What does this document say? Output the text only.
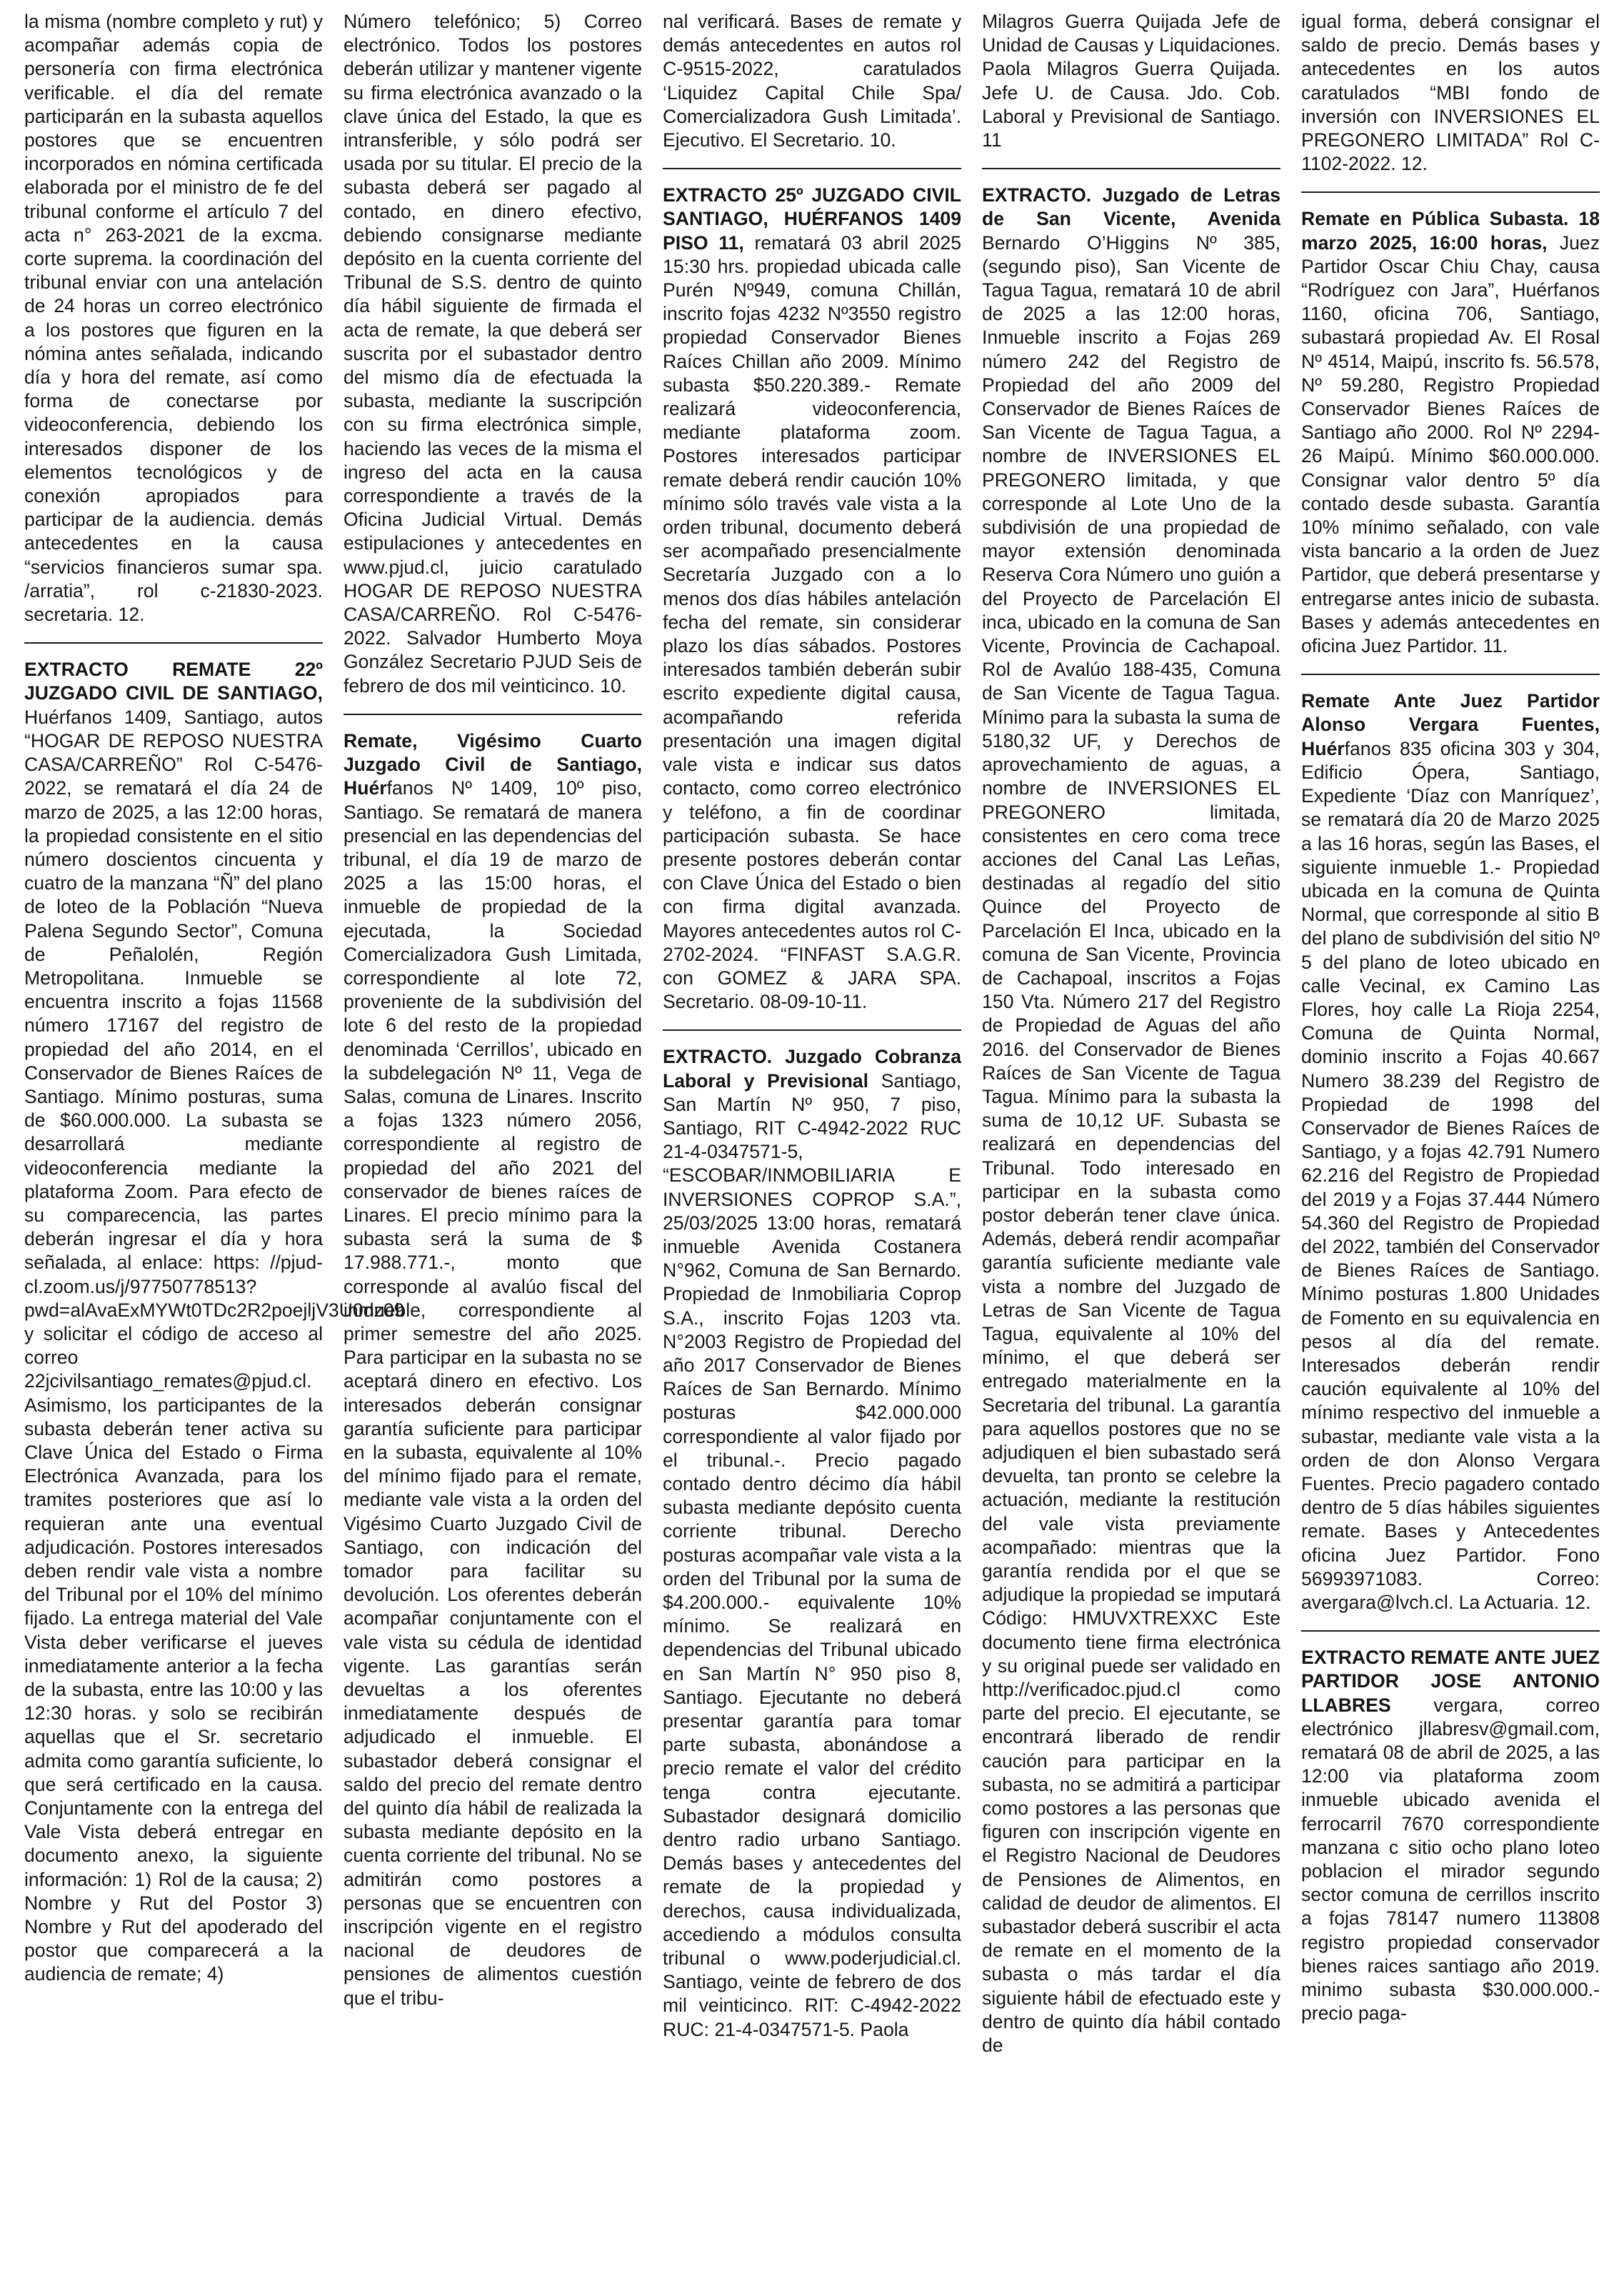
la misma (nombre completo y rut) y acompañar además copia de personería con firma electrónica verificable. el día del remate participarán en la subasta aquellos postores que se encuentren incorporados en nómina certificada elaborada por el ministro de fe del tribunal conforme el artículo 7 del acta n° 263-2021 de la excma. corte suprema. la coordinación del tribunal enviar con una antelación de 24 horas un correo electrónico a los postores que figuren en la nómina antes señalada, indicando día y hora del remate, así como forma de conectarse por videoconferencia, debiendo los interesados disponer de los elementos tecnológicos y de conexión apropiados para participar de la audiencia. demás antecedentes en la causa “servicios financieros sumar spa. /arratia”, rol c-21830-2023. secretaria. 12.

EXTRACTO REMATE 22º JUZGADO CIVIL DE SANTIAGO, Huérfanos 1409, Santiago, autos “HOGAR DE REPOSO NUESTRA CASA/CARREÑO” Rol C-5476-2022, se rematará el día 24 de marzo de 2025, a las 12:00 horas, la propiedad consistente en el sitio número doscientos cincuenta y cuatro de la manzana “Ñ” del plano de loteo de la Población “Nueva Palena Segundo Sector”, Comuna de Peñalolén, Región Metropolitana. Inmueble se encuentra inscrito a fojas 11568 número 17167 del registro de propiedad del año 2014, en el Conservador de Bienes Raíces de Santiago. Mínimo posturas, suma de $60.000.000. La subasta se desarrollará mediante videoconferencia mediante la plataforma Zoom. Para efecto de su comparecencia, las partes deberán ingresar el día y hora señalada, al enlace: https: //pjud-cl.zoom.us/j/97750778513?pwd=alAvaExMYWt0TDc2R2poejljV3U0dz09 y solicitar el código de acceso al correo 22jcivilsantiago_remates@pjud.cl. Asimismo, los participantes de la subasta deberán tener activa su Clave Única del Estado o Firma Electrónica Avanzada, para los tramites posteriores que así lo requieran ante una eventual adjudicación. Postores interesados deben rendir vale vista a nombre del Tribunal por el 10% del mínimo fijado. La entrega material del Vale Vista deber verificarse el jueves inmediatamente anterior a la fecha de la subasta, entre las 10:00 y las 12:30 horas. y solo se recibirán aquellas que el Sr. secretario admita como garantía suficiente, lo que será certificado en la causa. Conjuntamente con la entrega del Vale Vista deberá entregar en documento anexo, la siguiente información: 1) Rol de la causa; 2) Nombre y Rut del Postor 3) Nombre y Rut del apoderado del postor que comparecerá a la audiencia de remate; 4)

Número telefónico; 5) Correo electrónico. Todos los postores deberán utilizar y mantener vigente su firma electrónica avanzado o la clave única del Estado, la que es intransferible, y sólo podrá ser usada por su titular. El precio de la subasta deberá ser pagado al contado, en dinero efectivo, debiendo consignarse mediante depósito en la cuenta corriente del Tribunal de S.S. dentro de quinto día hábil siguiente de firmada el acta de remate, la que deberá ser suscrita por el subastador dentro del mismo día de efectuada la subasta, mediante la suscripción con su firma electrónica simple, haciendo las veces de la misma el ingreso del acta en la causa correspondiente a través de la Oficina Judicial Virtual. Demás estipulaciones y antecedentes en www.pjud.cl, juicio caratulado HOGAR DE REPOSO NUESTRA CASA/CARREÑO. Rol C-5476-2022. Salvador Humberto Moya González Secretario PJUD Seis de febrero de dos mil veinticinco. 10.

Remate, Vigésimo Cuarto Juzgado Civil de Santiago, Huérfanos Nº 1409, 10º piso, Santiago. Se rematará de manera presencial en las dependencias del tribunal, el día 19 de marzo de 2025 a las 15:00 horas, el inmueble de propiedad de la ejecutada, la Sociedad Comercializadora Gush Limitada, correspondiente al lote 72, proveniente de la subdivisión del lote 6 del resto de la propiedad denominada ‘Cerrillos’, ubicado en la subdelegación Nº 11, Vega de Salas, comuna de Linares. Inscrito a fojas 1323 número 2056, correspondiente al registro de propiedad del año 2021 del conservador de bienes raíces de Linares. El precio mínimo para la subasta será la suma de $ 17.988.771.-, monto que corresponde al avalúo fiscal del inmueble, correspondiente al primer semestre del año 2025. Para participar en la subasta no se aceptará dinero en efectivo. Los interesados deberán consignar garantía suficiente para participar en la subasta, equivalente al 10% del mínimo fijado para el remate, mediante vale vista a la orden del Vigésimo Cuarto Juzgado Civil de Santiago, con indicación del tomador para facilitar su devolución. Los oferentes deberán acompañar conjuntamente con el vale vista su cédula de identidad vigente. Las garantías serán devueltas a los oferentes inmediatamente después de adjudicado el inmueble. El subastador deberá consignar el saldo del precio del remate dentro del quinto día hábil de realizada la subasta mediante depósito en la cuenta corriente del tribunal. No se admitirán como postores a personas que se encuentren con inscripción vigente en el registro nacional de deudores de pensiones de alimentos cuestión que el tribu-

nal verificará. Bases de remate y demás antecedentes en autos rol C-9515-2022, caratulados ‘Liquidez Capital Chile Spa/ Comercializadora Gush Limitada’. Ejecutivo. El Secretario. 10.

EXTRACTO 25º JUZGADO CIVIL SANTIAGO, HUÉRFANOS 1409 PISO 11, rematará 03 abril 2025 15:30 hrs. propiedad ubicada calle Purén Nº949, comuna Chillán, inscrito fojas 4232 Nº3550 registro propiedad Conservador Bienes Raíces Chillan año 2009. Mínimo subasta $50.220.389.- Remate realizará videoconferencia, mediante plataforma zoom. Postores interesados participar remate deberá rendir caución 10% mínimo sólo través vale vista a la orden tribunal, documento deberá ser acompañado presencialmente Secretaría Juzgado con a lo menos dos días hábiles antelación fecha del remate, sin considerar plazo los días sábados. Postores interesados también deberán subir escrito expediente digital causa, acompañando referida presentación una imagen digital vale vista e indicar sus datos contacto, como correo electrónico y teléfono, a fin de coordinar participación subasta. Se hace presente postores deberán contar con Clave Única del Estado o bien con firma digital avanzada. Mayores antecedentes autos rol C-2702-2024. “FINFAST S.A.G.R. con GOMEZ & JARA SPA. Secretario. 08-09-10-11.

EXTRACTO. Juzgado Cobranza Laboral y Previsional Santiago, San Martín Nº 950, 7 piso, Santiago, RIT C-4942-2022 RUC 21-4-0347571-5, “ESCOBAR/INMOBILIARIA E INVERSIONES COPROP S.A.”, 25/03/2025 13:00 horas, rematará inmueble Avenida Costanera N°962, Comuna de San Bernardo. Propiedad de Inmobiliaria Coprop S.A., inscrito Fojas 1203 vta. N°2003 Registro de Propiedad del año 2017 Conservador de Bienes Raíces de San Bernardo. Mínimo posturas $42.000.000 correspondiente al valor fijado por el tribunal.-. Precio pagado contado dentro décimo día hábil subasta mediante depósito cuenta corriente tribunal. Derecho posturas acompañar vale vista a la orden del Tribunal por la suma de $4.200.000.- equivalente 10% mínimo. Se realizará en dependencias del Tribunal ubicado en San Martín N° 950 piso 8, Santiago. Ejecutante no deberá presentar garantía para tomar parte subasta, abonándose a precio remate el valor del crédito tenga contra ejecutante. Subastador designará domicilio dentro radio urbano Santiago. Demás bases y antecedentes del remate de la propiedad y derechos, causa individualizada, accediendo a módulos consulta tribunal o www.poderjudicial.cl. Santiago, veinte de febrero de dos mil veinticinco. RIT: C-4942-2022 RUC: 21-4-0347571-5. Paola

Milagros Guerra Quijada Jefe de Unidad de Causas y Liquidaciones. Paola Milagros Guerra Quijada. Jefe U. de Causa. Jdo. Cob. Laboral y Previsional de Santiago. 11

EXTRACTO. Juzgado de Letras de San Vicente, Avenida Bernardo O’Higgins Nº 385, (segundo piso), San Vicente de Tagua Tagua, rematará 10 de abril de 2025 a las 12:00 horas, Inmueble inscrito a Fojas 269 número 242 del Registro de Propiedad del año 2009 del Conservador de Bienes Raíces de San Vicente de Tagua Tagua, a nombre de INVERSIONES EL PREGONERO limitada, y que corresponde al Lote Uno de la subdivisión de una propiedad de mayor extensión denominada Reserva Cora Número uno guión a del Proyecto de Parcelación El inca, ubicado en la comuna de San Vicente, Provincia de Cachapoal. Rol de Avalúo 188-435, Comuna de San Vicente de Tagua Tagua. Mínimo para la subasta la suma de 5180,32 UF, y Derechos de aprovechamiento de aguas, a nombre de INVERSIONES EL PREGONERO limitada, consistentes en cero coma trece acciones del Canal Las Leñas, destinadas al regadío del sitio Quince del Proyecto de Parcelación El Inca, ubicado en la comuna de San Vicente, Provincia de Cachapoal, inscritos a Fojas 150 Vta. Número 217 del Registro de Propiedad de Aguas del año 2016. del Conservador de Bienes Raíces de San Vicente de Tagua Tagua. Mínimo para la subasta la suma de 10,12 UF. Subasta se realizará en dependencias del Tribunal. Todo interesado en participar en la subasta como postor deberán tener clave única. Además, deberá rendir acompañar garantía suficiente mediante vale vista a nombre del Juzgado de Letras de San Vicente de Tagua Tagua, equivalente al 10% del mínimo, el que deberá ser entregado materialmente en la Secretaria del tribunal. La garantía para aquellos postores que no se adjudiquen el bien subastado será devuelta, tan pronto se celebre la actuación, mediante la restitución del vale vista previamente acompañado: mientras que la garantía rendida por el que se adjudique la propiedad se imputará Código: HMUVXTREXXC Este documento tiene firma electrónica y su original puede ser validado en http://verificadoc.pjud.cl como parte del precio. El ejecutante, se encontrará liberado de rendir caución para participar en la subasta, no se admitirá a participar como postores a las personas que figuren con inscripción vigente en el Registro Nacional de Deudores de Pensiones de Alimentos, en calidad de deudor de alimentos. El subastador deberá suscribir el acta de remate en el momento de la subasta o más tardar el día siguiente hábil de efectuado este y dentro de quinto día hábil contado de

igual forma, deberá consignar el saldo de precio. Demás bases y antecedentes en los autos caratulados “MBI fondo de inversión con INVERSIONES EL PREGONERO LIMITADA” Rol C-1102-2022. 12.

Remate en Pública Subasta. 18 marzo 2025, 16:00 horas, Juez Partidor Oscar Chiu Chay, causa “Rodríguez con Jara”, Huérfanos 1160, oficina 706, Santiago, subastará propiedad Av. El Rosal Nº 4514, Maipú, inscrito fs. 56.578, Nº 59.280, Registro Propiedad Conservador Bienes Raíces de Santiago año 2000. Rol Nº 2294-26 Maipú. Mínimo $60.000.000. Consignar valor dentro 5º día contado desde subasta. Garantía 10% mínimo señalado, con vale vista bancario a la orden de Juez Partidor, que deberá presentarse y entregarse antes inicio de subasta. Bases y además antecedentes en oficina Juez Partidor. 11.

Remate Ante Juez Partidor Alonso Vergara Fuentes, Huérfanos 835 oficina 303 y 304, Edificio Ópera, Santiago, Expediente ‘Díaz con Manríquez’, se rematará día 20 de Marzo 2025 a las 16 horas, según las Bases, el siguiente inmueble 1.- Propiedad ubicada en la comuna de Quinta Normal, que corresponde al sitio B del plano de subdivisión del sitio Nº 5 del plano de loteo ubicado en calle Vecinal, ex Camino Las Flores, hoy calle La Rioja 2254, Comuna de Quinta Normal, dominio inscrito a Fojas 40.667 Numero 38.239 del Registro de Propiedad de 1998 del Conservador de Bienes Raíces de Santiago, y a fojas 42.791 Numero 62.216 del Registro de Propiedad del 2019 y a Fojas 37.444 Número 54.360 del Registro de Propiedad del 2022, también del Conservador de Bienes Raíces de Santiago. Mínimo posturas 1.800 Unidades de Fomento en su equivalencia en pesos al día del remate. Interesados deberán rendir caución equivalente al 10% del mínimo respectivo del inmueble a subastar, mediante vale vista a la orden de don Alonso Vergara Fuentes. Precio pagadero contado dentro de 5 días hábiles siguientes remate. Bases y Antecedentes oficina Juez Partidor. Fono 56993971083. Correo: avergara@lvch.cl. La Actuaria. 12.

EXTRACTO REMATE ANTE JUEZ PARTIDOR JOSE ANTONIO LLABRES vergara, correo electrónico jllabresv@gmail.com, rematará 08 de abril de 2025, a las 12:00 via plataforma zoom inmueble ubicado avenida el ferrocarril 7670 correspondiente manzana c sitio ocho plano loteo poblacion el mirador segundo sector comuna de cerrillos inscrito a fojas 78147 numero 113808 registro propiedad conservador bienes raices santiago año 2019. minimo subasta $30.000.000.- precio paga-
